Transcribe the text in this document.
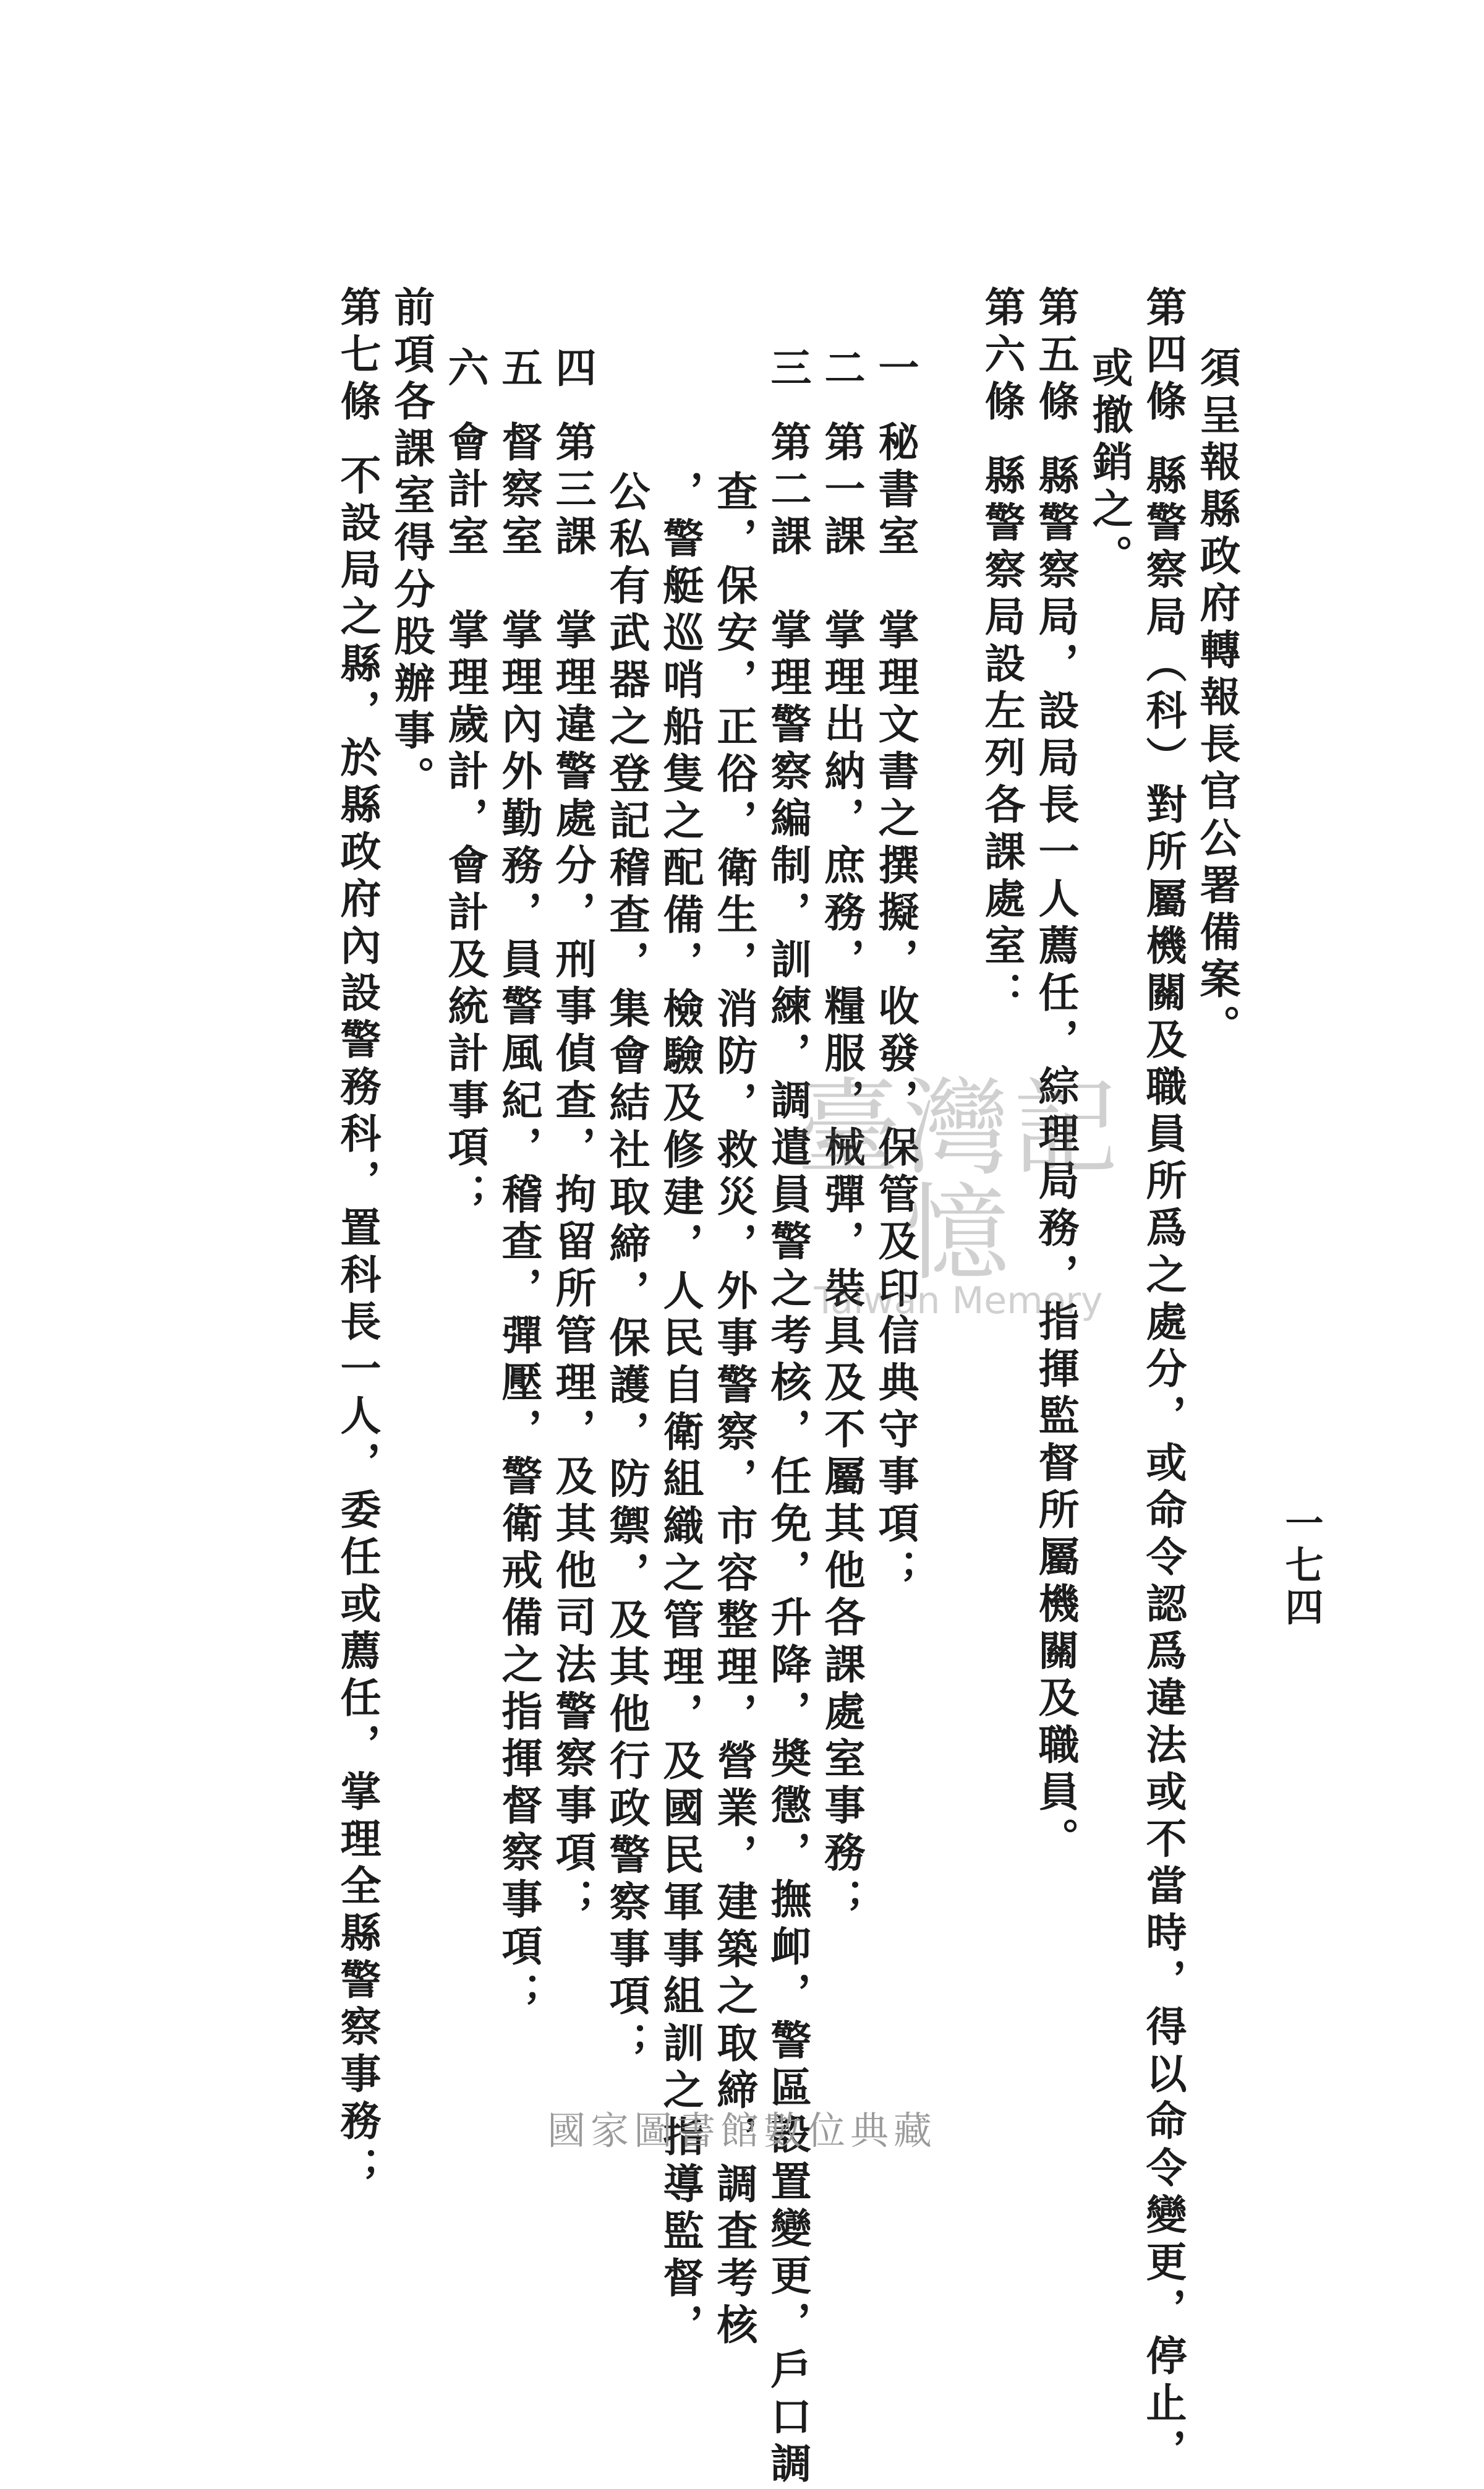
一七四
須呈報縣政府轉報長官公署備案。
第四條縣警察局（科）對所屬機關及職員所爲之處分，或命令認爲違法或不當時，得以命令變更，停止，
或撤銷之。
第五條縣警察局，設局長一人薦任，綜理局務，指揮監督所屬機關及職員。
第六條縣警察局設左列各課處室：
一秘書室　掌理文書之撰擬，收發，保管及印信典守事項；
二第一課　掌理出納，庶務，糧服，械彈，裝具及不屬其他各課處室事務；
三第二課　掌理警察編制，訓練，調遣員警之考核，任免，升降，奬懲，撫卹，警區設置變更，戶口調
查，保安，正俗，衛生，消防，救災，外事警察，市容整理，營業，建築之取締，調査考核
，警艇巡哨船隻之配備，檢驗及修建，人民自衛組織之管理，及國民軍事組訓之指導監督，
公私有武器之登記稽查，集會結社取締，保護，防禦，及其他行政警察事項；
四第三課　掌理違警處分，刑事偵查，拘留所管理，及其他司法警察事項；
五督察室　掌理內外勤務，員警風紀，稽查，彈壓，警衛戒備之指揮督察事項；
六會計室　掌理歲計，會計及統計事項；
前項各課室得分股辦事。
第七條不設局之縣，於縣政府內設警務科，置科長一人，委任或薦任，掌理全縣警察事務；	臺灣記憶
Taiwan Memory
國家圖書館數位典藏
